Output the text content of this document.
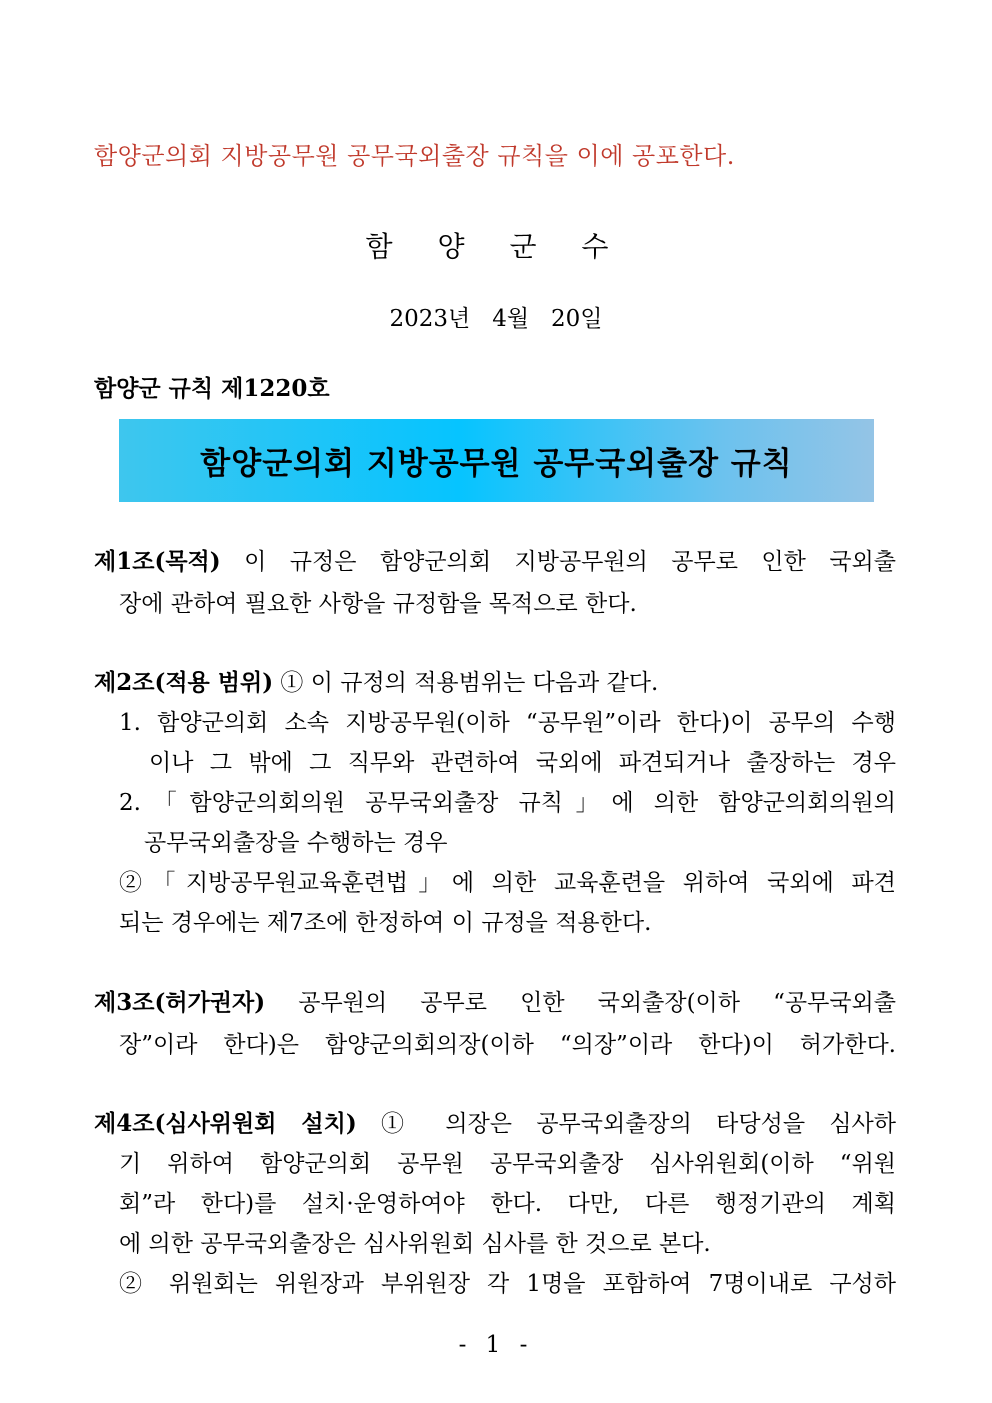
함양군의회 지방공무원 공무국외출장 규칙을 이에 공포한다.
함 양 군 수
2023년   4월   20일
함양군 규칙 제1220호
함양군의회 지방공무원 공무국외출장 규칙
제1조(목적) 이 규정은 함양군의회 지방공무원의 공무로 인한 국외출
장에 관하여 필요한 사항을 규정함을 목적으로 한다.
제2조(적용 범위) ① 이 규정의 적용범위는 다음과 같다.
1. 함양군의회 소속 지방공무원(이하 “공무원”이라 한다)이 공무의 수행
이나 그 밖에 그 직무와 관련하여 국외에 파견되거나 출장하는 경우
2.「함양군의회의원 공무국외출장 규칙」에 의한 함양군의회의원의
공무국외출장을 수행하는 경우
②「지방공무원교육훈련법」에 의한 교육훈련을 위하여 국외에 파견
되는 경우에는 제7조에 한정하여 이 규정을 적용한다.
제3조(허가권자) 공무원의 공무로 인한 국외출장(이하 “공무국외출
장”이라 한다)은 함양군의회의장(이하 “의장”이라 한다)이 허가한다.
제4조(심사위원회 설치) ① 의장은 공무국외출장의 타당성을 심사하
기 위하여 함양군의회 공무원 공무국외출장 심사위원회(이하 “위원
회”라 한다)를 설치·운영하여야 한다. 다만, 다른 행정기관의 계획
에 의한 공무국외출장은 심사위원회 심사를 한 것으로 본다.
② 위원회는 위원장과 부위원장 각 1명을 포함하여 7명이내로 구성하
- 1 -
